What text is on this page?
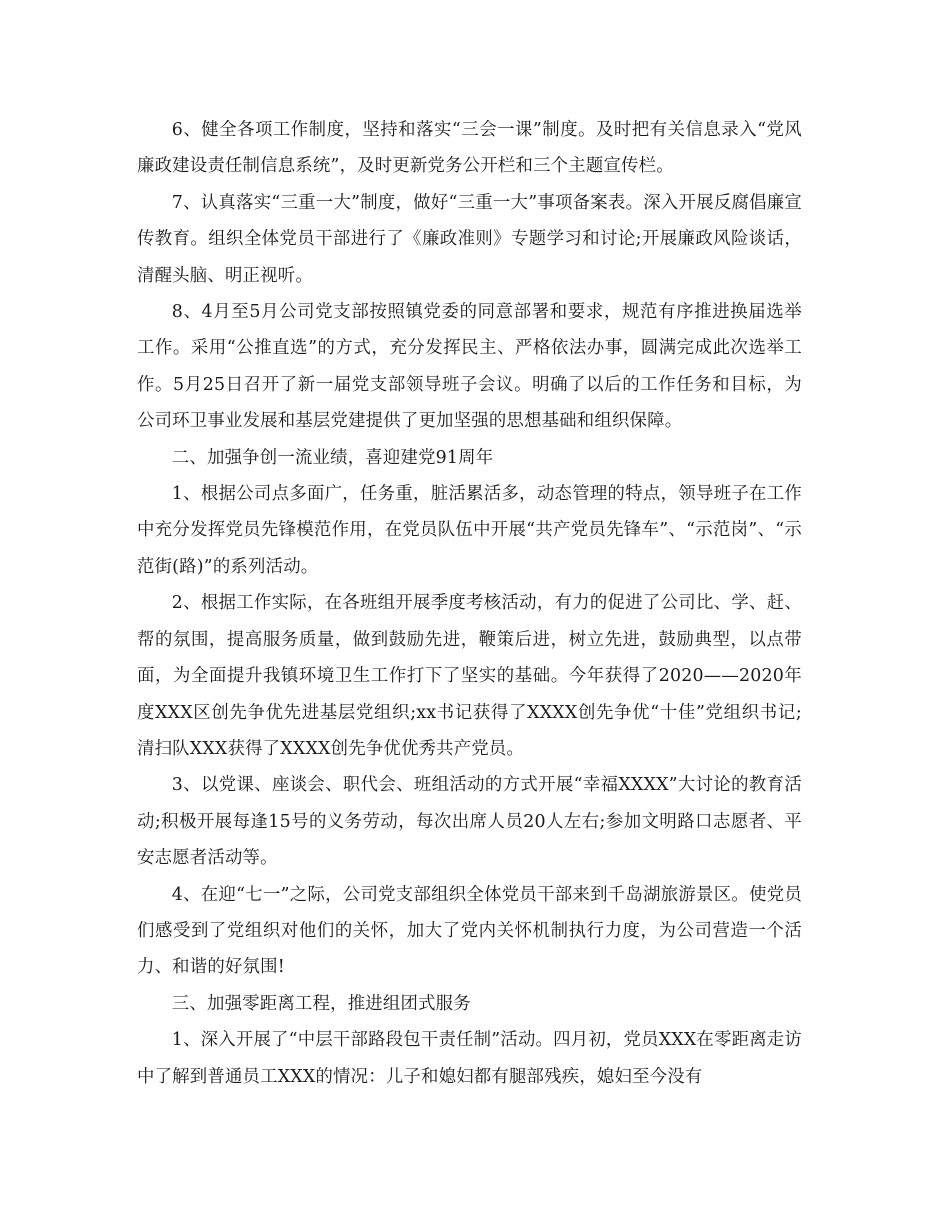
6、健全各项工作制度，坚持和落实“三会一课”制度。及时把有关信息录入“党风廉政建设责任制信息系统”，及时更新党务公开栏和三个主题宣传栏。

7、认真落实“三重一大”制度，做好“三重一大”事项备案表。深入开展反腐倡廉宣传教育。组织全体党员干部进行了《廉政准则》专题学习和讨论;开展廉政风险谈话，清醒头脑、明正视听。

8、4月至5月公司党支部按照镇党委的同意部署和要求，规范有序推进换届选举工作。采用“公推直选”的方式，充分发挥民主、严格依法办事，圆满完成此次选举工作。5月25日召开了新一届党支部领导班子会议。明确了以后的工作任务和目标，为公司环卫事业发展和基层党建提供了更加坚强的思想基础和组织保障。

二、加强争创一流业绩，喜迎建党91周年

1、根据公司点多面广，任务重，脏活累活多，动态管理的特点，领导班子在工作中充分发挥党员先锋模范作用，在党员队伍中开展“共产党员先锋车”、“示范岗”、“示范街(路)”的系列活动。

2、根据工作实际，在各班组开展季度考核活动，有力的促进了公司比、学、赶、帮的氛围，提高服务质量，做到鼓励先进，鞭策后进，树立先进，鼓励典型，以点带面，为全面提升我镇环境卫生工作打下了坚实的基础。今年获得了2020——2020年度XXX区创先争优先进基层党组织;xx书记获得了XXXX创先争优“十佳”党组织书记;清扫队XXX获得了XXXX创先争优优秀共产党员。

3、以党课、座谈会、职代会、班组活动的方式开展“幸福XXXX”大讨论的教育活动;积极开展每逢15号的义务劳动，每次出席人员20人左右;参加文明路口志愿者、平安志愿者活动等。

4、在迎“七一”之际，公司党支部组织全体党员干部来到千岛湖旅游景区。使党员们感受到了党组织对他们的关怀，加大了党内关怀机制执行力度，为公司营造一个活力、和谐的好氛围!

三、加强零距离工程，推进组团式服务

1、深入开展了“中层干部路段包干责任制”活动。四月初，党员XXX在零距离走访中了解到普通员工XXX的情况：儿子和媳妇都有腿部残疾，媳妇至今没有
